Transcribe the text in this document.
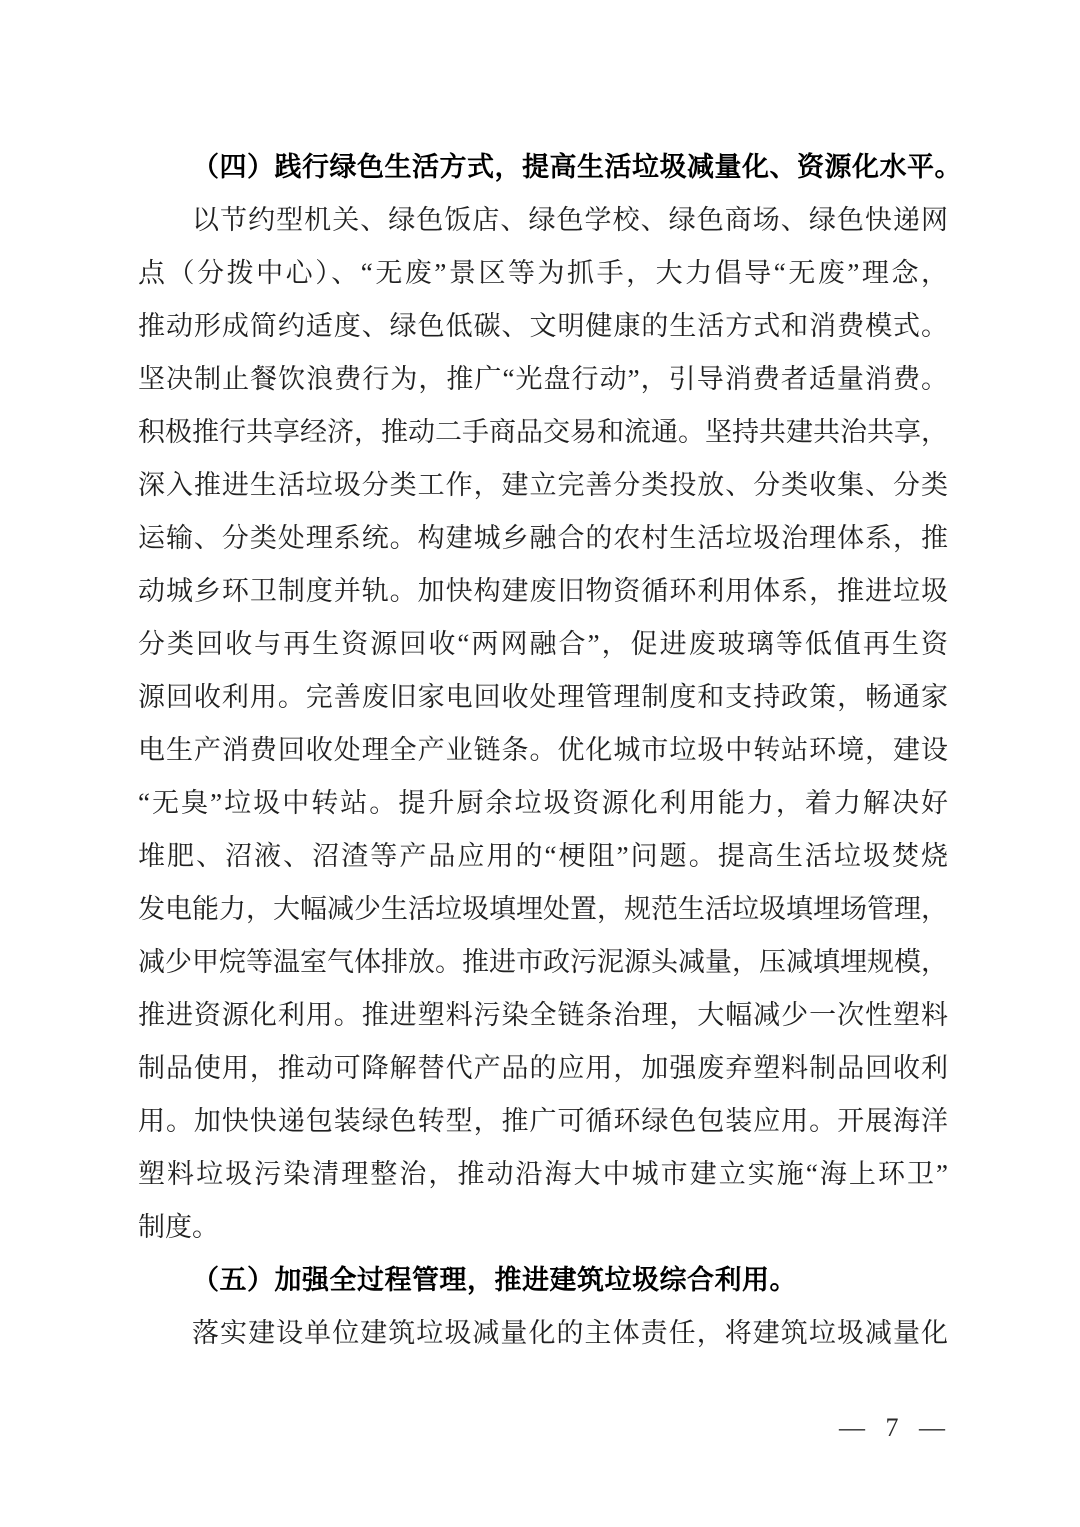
（四）践行绿色生活方式，提高生活垃圾减量化、资源化水平。
以节约型机关、绿色饭店、绿色学校、绿色商场、绿色快递网
点（分拨中心）、“无废”景区等为抓手，大力倡导“无废”理念，
推动形成简约适度、绿色低碳、文明健康的生活方式和消费模式。
坚决制止餐饮浪费行为，推广“光盘行动”，引导消费者适量消费。
积极推行共享经济，推动二手商品交易和流通。坚持共建共治共享，
深入推进生活垃圾分类工作，建立完善分类投放、分类收集、分类
运输、分类处理系统。构建城乡融合的农村生活垃圾治理体系，推
动城乡环卫制度并轨。加快构建废旧物资循环利用体系，推进垃圾
分类回收与再生资源回收“两网融合”，促进废玻璃等低值再生资
源回收利用。完善废旧家电回收处理管理制度和支持政策，畅通家
电生产消费回收处理全产业链条。优化城市垃圾中转站环境，建设
“无臭”垃圾中转站。提升厨余垃圾资源化利用能力，着力解决好
堆肥、沼液、沼渣等产品应用的“梗阻”问题。提高生活垃圾焚烧
发电能力，大幅减少生活垃圾填埋处置，规范生活垃圾填埋场管理，
减少甲烷等温室气体排放。推进市政污泥源头减量，压减填埋规模，
推进资源化利用。推进塑料污染全链条治理，大幅减少一次性塑料
制品使用，推动可降解替代产品的应用，加强废弃塑料制品回收利
用。加快快递包装绿色转型，推广可循环绿色包装应用。开展海洋
塑料垃圾污染清理整治，推动沿海大中城市建立实施“海上环卫”
制度。
（五）加强全过程管理，推进建筑垃圾综合利用。
落实建设单位建筑垃圾减量化的主体责任，将建筑垃圾减量化
— 7 —
